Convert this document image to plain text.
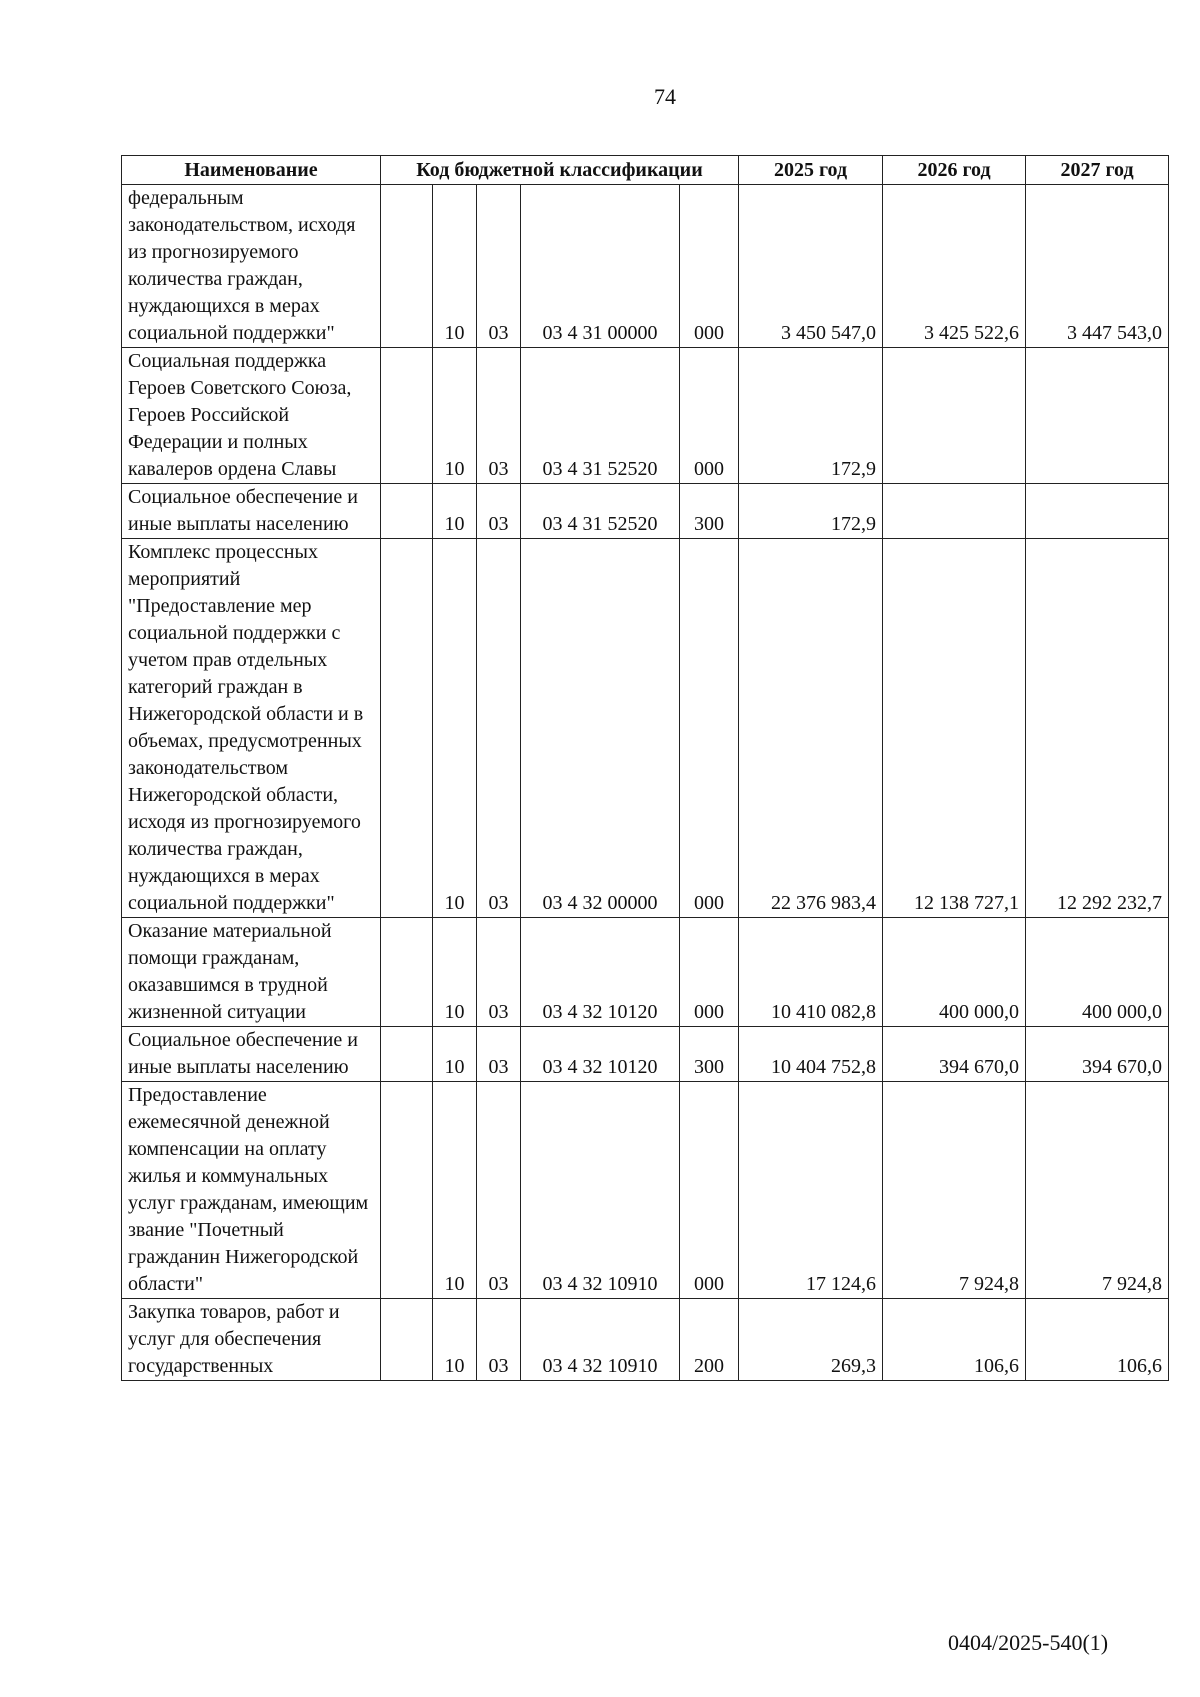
74
Наименование	Код бюджетной классификации					2025 год	2026 год	2027 год
федеральным законодательством, исходя из прогнозируемого количества граждан, нуждающихся в мерах социальной поддержки"		10	03	03 4 31 00000	000	3 450 547,0	3 425 522,6	3 447 543,0
Социальная поддержка Героев Советского Союза, Героев Российской Федерации и полных кавалеров ордена Славы		10	03	03 4 31 52520	000	172,9		
Социальное обеспечение и иные выплаты населению		10	03	03 4 31 52520	300	172,9		
Комплекс процессных мероприятий "Предоставление мер социальной поддержки с учетом прав отдельных категорий граждан в Нижегородской области и в объемах, предусмотренных законодательством Нижегородской области, исходя из прогнозируемого количества граждан, нуждающихся в мерах социальной поддержки"		10	03	03 4 32 00000	000	22 376 983,4	12 138 727,1	12 292 232,7
Оказание материальной помощи гражданам, оказавшимся в трудной жизненной ситуации		10	03	03 4 32 10120	000	10 410 082,8	400 000,0	400 000,0
Социальное обеспечение и иные выплаты населению		10	03	03 4 32 10120	300	10 404 752,8	394 670,0	394 670,0
Предоставление ежемесячной денежной компенсации на оплату жилья и коммунальных услуг гражданам, имеющим звание "Почетный гражданин Нижегородской области"		10	03	03 4 32 10910	000	17 124,6	7 924,8	7 924,8
Закупка товаров, работ и услуг для обеспечения государственных		10	03	03 4 32 10910	200	269,3	106,6	106,6
0404/2025-540(1)
